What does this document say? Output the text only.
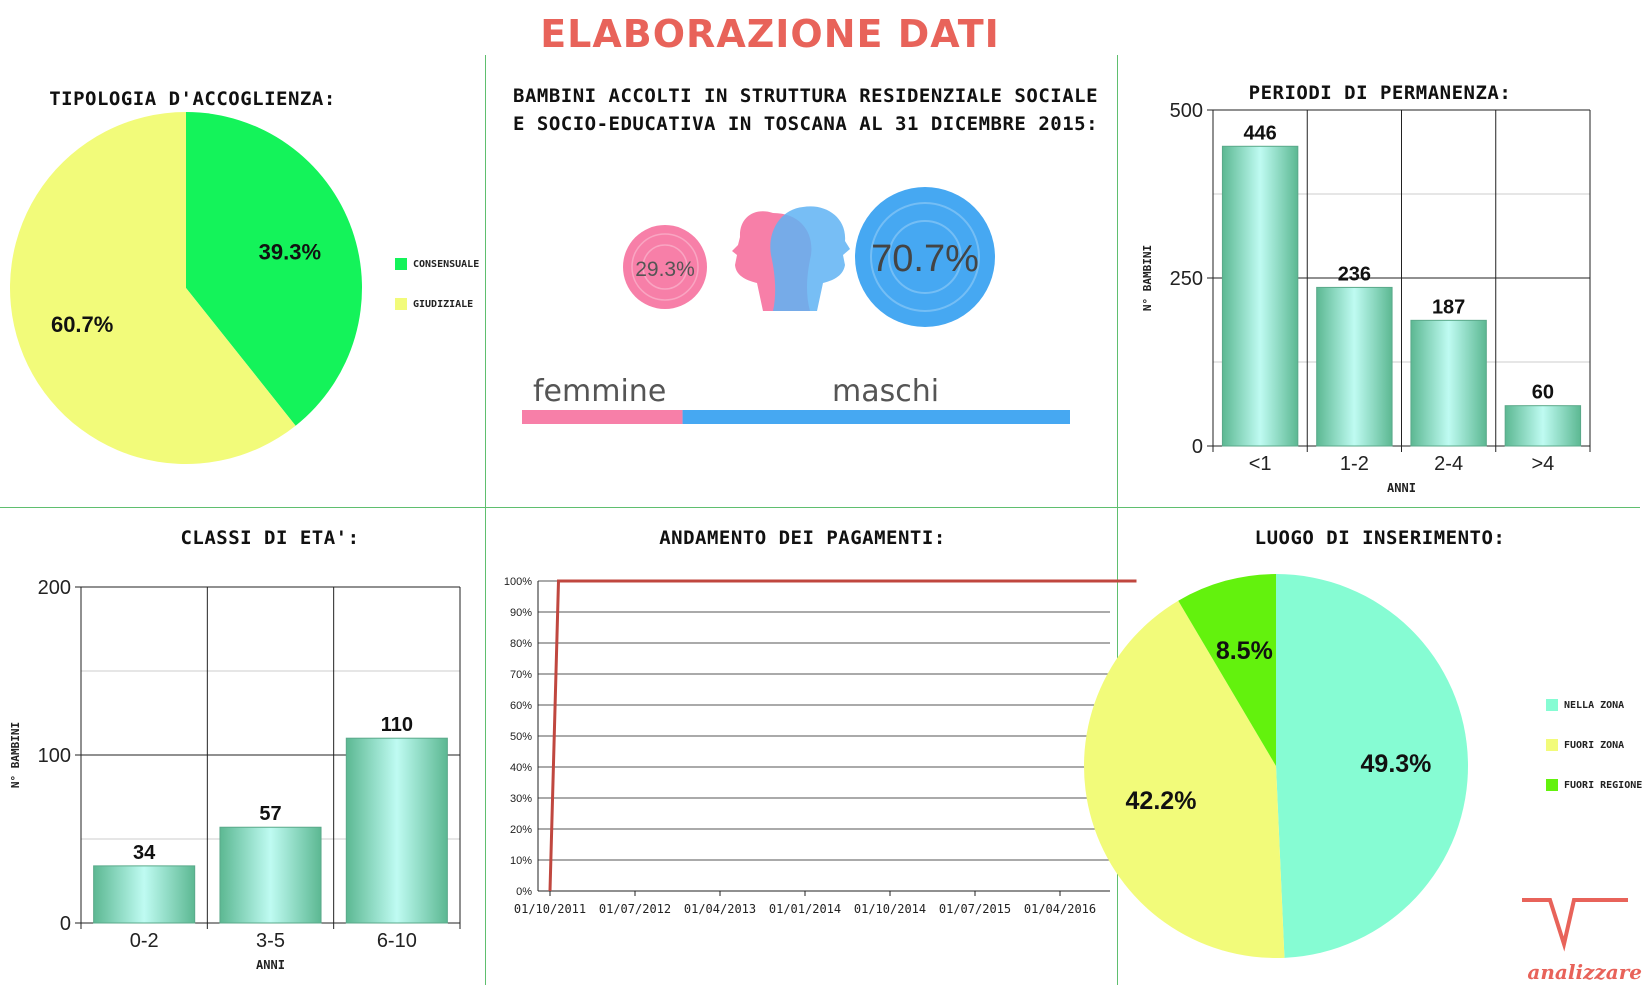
ELABORAZIONE DATI
TIPOLOGIA D'ACCOGLIENZA:
39.3%
60.7%
CONSENSUALE
GIUDIZIALE
BAMBINI ACCOLTI IN STRUTTURA RESIDENZIALE SOCIALE
E SOCIO-EDUCATIVA IN TOSCANA AL 31 DICEMBRE 2015:
29.3%	70.7%
femmine	maschi
PERIODI DI PERMANENZA:
0
250
500
446
<1
236
1-2
187
2-4
60
>4
ANNI
N° BAMBINI
CLASSI DI ETA':
0
100
200
34
0-2
57
3-5
110
6-10
ANNI
N° BAMBINI
ANDAMENTO DEI PAGAMENTI:
0%
10%
20%
30%
40%
50%
60%
70%
80%
90%
100%
01/10/2011 01/07/2012 01/04/2013 01/01/2014 01/10/2014 01/07/2015 01/04/2016
LUOGO DI INSERIMENTO:
49.3%
42.2%
8.5%
NELLA ZONA
FUORI ZONA
FUORI REGIONE
analizzare
